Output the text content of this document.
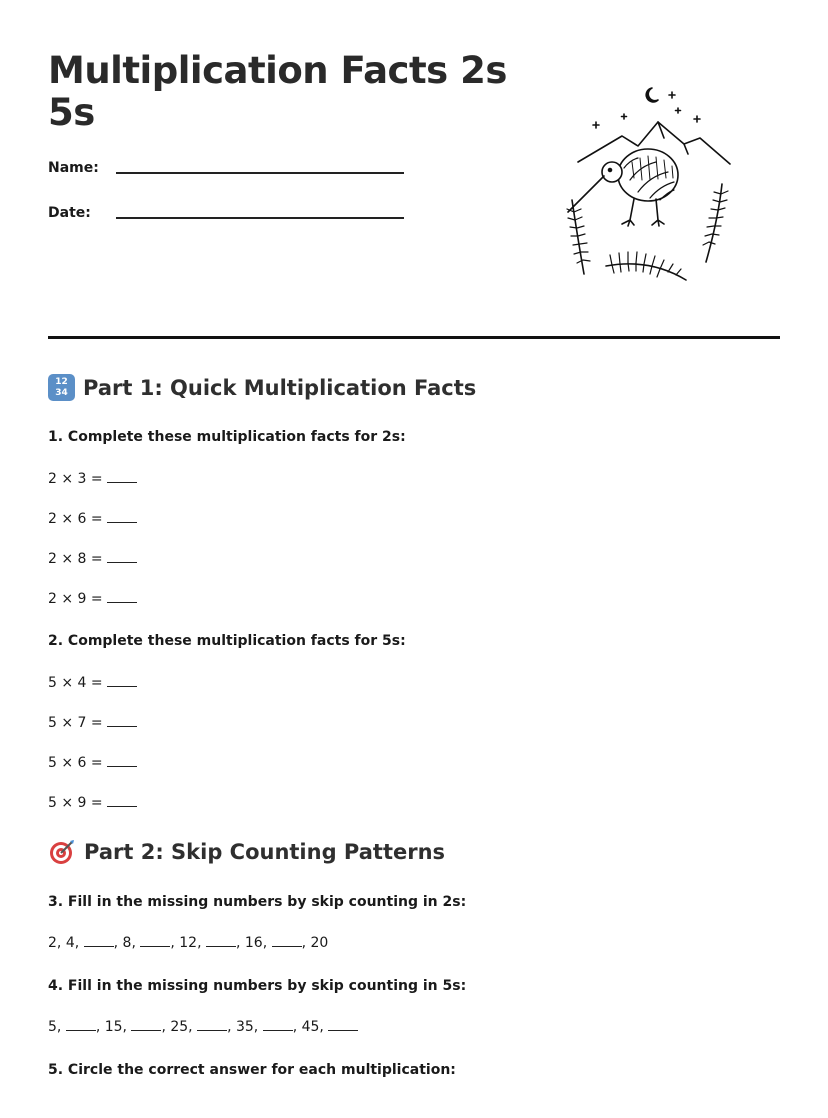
Multiplication Facts 2s 5s
Name:
Date:
12
34 Part 1: Quick Multiplication Facts
1. Complete these multiplication facts for 2s:
2 × 3 =
2 × 6 =
2 × 8 =
2 × 9 =
2. Complete these multiplication facts for 5s:
5 × 4 =
5 × 7 =
5 × 6 =
5 × 9 =
Part 2: Skip Counting Patterns
3. Fill in the missing numbers by skip counting in 2s:
2, 4, , 8, , 12, , 16, , 20
4. Fill in the missing numbers by skip counting in 5s:
5, , 15, , 25, , 35, , 45,
5. Circle the correct answer for each multiplication:
